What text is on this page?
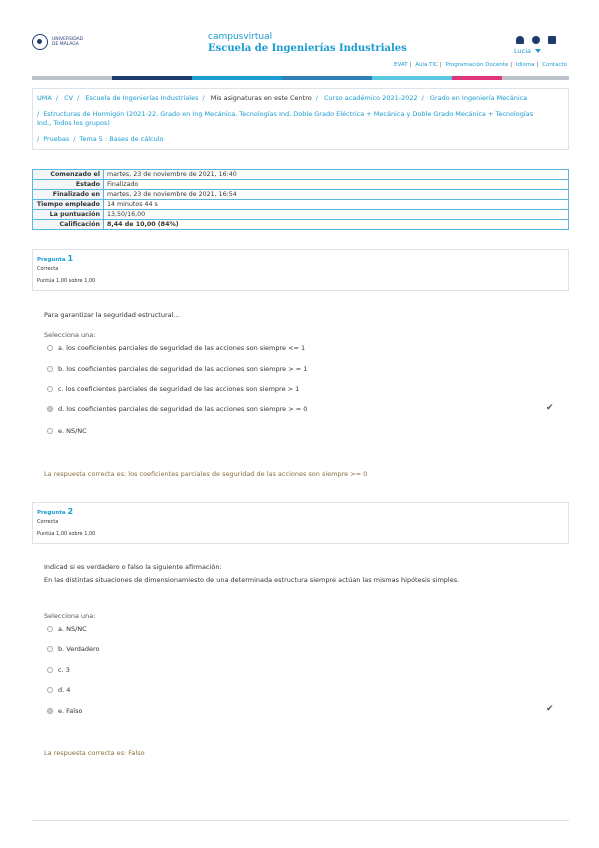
UNIVERSIDAD DE MÁLAGA
campusvirtual
Escuela de Ingenierías Industriales	Lucia
EVAT | Aula TIC | Programación Docente | Idioma | Contacto
UMA / CV / Escuela de Ingenierías Industriales / Mis asignaturas en este Centro / Curso académico 2021-2022 / Grado en Ingeniería Mecánica
/ Estructuras de Hormigón (2021-22, Grado en Ing Mecánica, Tecnologías Ind, Doble Grado Eléctrica + Mecánica y Doble Grado Mecánica + Tecnologías
Ind., Todos los grupos)
/ Pruebas / Tema 5 : Bases de cálculo
Comenzado el	martes, 23 de noviembre de 2021, 16:40
Estado	Finalizado
Finalizado en	martes, 23 de noviembre de 2021, 16:54
Tiempo empleado	14 minutos 44 s
La puntuación	13,50/16,00
Calificación	8,44 de 10,00 (84%)
Pregunta 1
Correcta
Puntúa 1,00 sobre 1,00
Para garantizar la seguridad estructural…
Selecciona una:
a. los coeficientes parciales de seguridad de las acciones son siempre <= 1
b. los coeficientes parciales de seguridad de las acciones son siempre > = 1
c. los coeficientes parciales de seguridad de las acciones son siempre > 1
d. los coeficientes parciales de seguridad de las acciones son siempre > = 0	✔
e. NS/NC
La respuesta correcta es: los coeficientes parciales de seguridad de las acciones son siempre >= 0
Pregunta 2
Correcta
Puntúa 1,00 sobre 1,00
Indicad si es verdadero o falso la siguiente afirmación:
En las distintas situaciones de dimensionamiesto de una determinada estructura siempre actúan las mismas hipótesis simples.
Selecciona una:
a. NS/NC
b. Verdadero
c. 3
d. 4
e. Falso	✔
La respuesta correcta es: Falso
